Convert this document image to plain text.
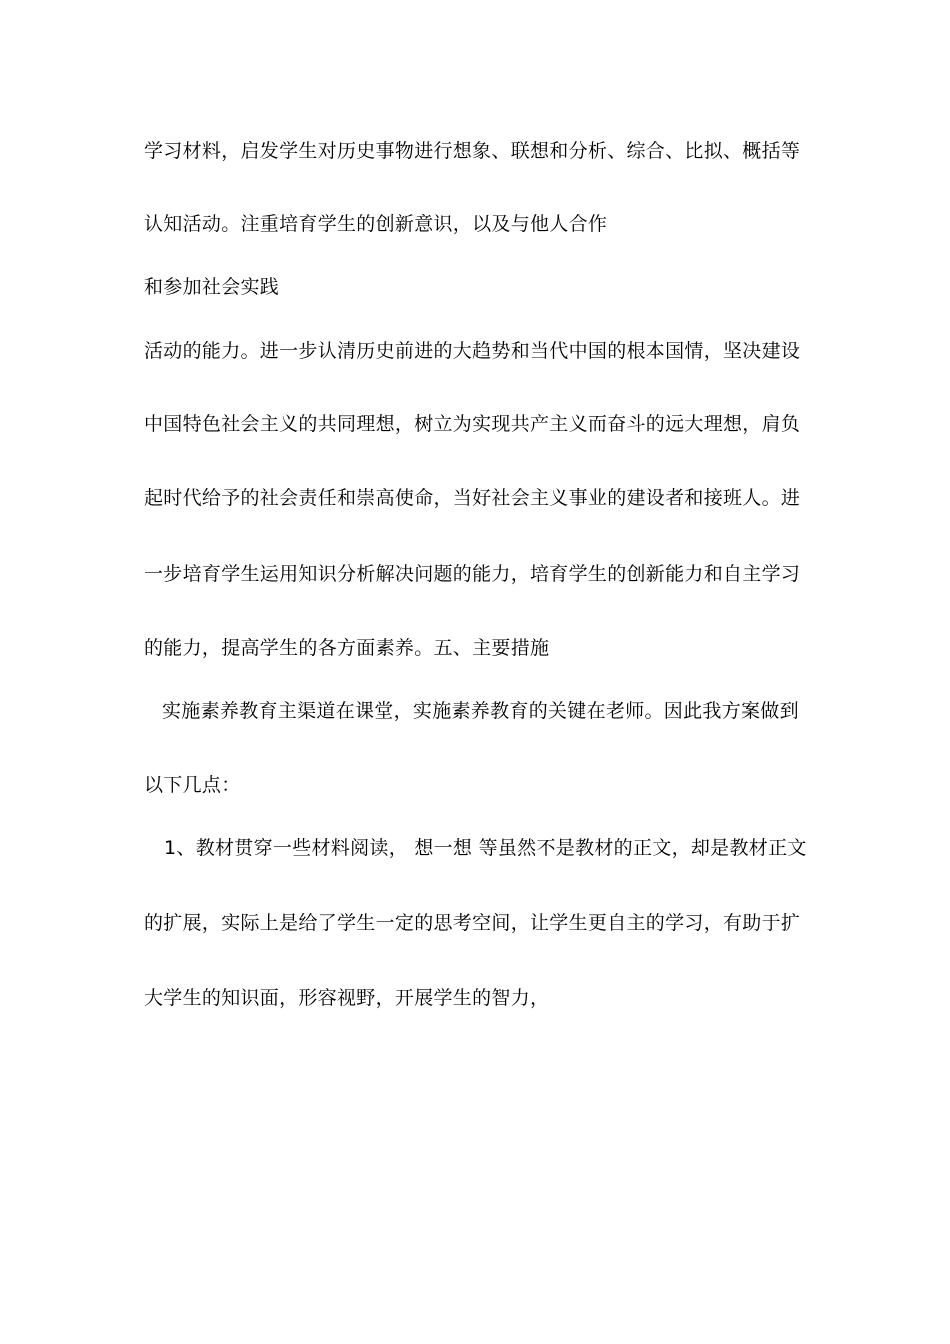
学习材料，启发学生对历史事物进行想象、联想和分析、综合、比拟、概括等
认知活动。注重培育学生的创新意识，以及与他人合作
和参加社会实践
活动的能力。进一步认清历史前进的大趋势和当代中国的根本国情，坚决建设
中国特色社会主义的共同理想，树立为实现共产主义而奋斗的远大理想，肩负
起时代给予的社会责任和崇高使命，当好社会主义事业的建设者和接班人。进
一步培育学生运用知识分析解决问题的能力，培育学生的创新能力和自主学习
的能力，提高学生的各方面素养。五、主要措施
实施素养教育主渠道在课堂，实施素养教育的关键在老师。因此我方案做到
以下几点：
1、教材贯穿一些材料阅读， 想一想 等虽然不是教材的正文，却是教材正文
的扩展，实际上是给了学生一定的思考空间，让学生更自主的学习，有助于扩
大学生的知识面，形容视野，开展学生的智力，
